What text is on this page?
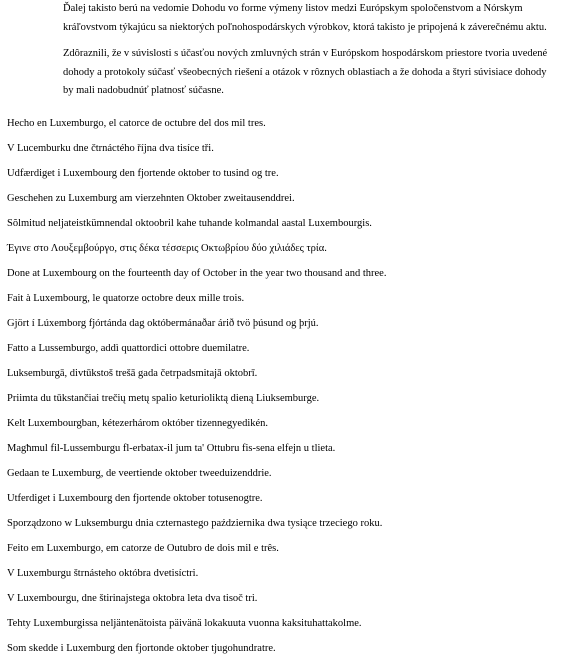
Ďalej takisto berú na vedomie Dohodu vo forme výmeny listov medzi Európskym spoločenstvom a Nórskym kráľovstvom týkajúcu sa niektorých poľnohospodárskych výrobkov, ktorá takisto je pripojená k záverečnému aktu.

Zdôraznili, že v súvislosti s účasťou nových zmluvných strán v Európskom hospodárskom priestore tvoria uvedené dohody a protokoly súčasť všeobecných riešení a otázok v rôznych oblastiach a že dohoda a štyri súvisiace dohody by mali nadobudnúť platnosť súčasne.

Hecho en Luxemburgo, el catorce de octubre del dos mil tres.
V Lucemburku dne čtrnáctého října dva tisíce tři.
Udfærdiget i Luxembourg den fjortende oktober to tusind og tre.
Geschehen zu Luxemburg am vierzehnten Oktober zweitausenddrei.
Sõlmitud neljateistkümnendal oktoobril kahe tuhande kolmandal aastal Luxembourgis.
Έγινε στο Λουξεμβούργο, στις δέκα τέσσερις Οκτωβρίου δύο χιλιάδες τρία.
Done at Luxembourg on the fourteenth day of October in the year two thousand and three.
Fait à Luxembourg, le quatorze octobre deux mille trois.
Gjört í Lúxemborg fjórtánda dag októbermánaðar árið tvö þúsund og þrjú.
Fatto a Lussemburgo, addì quattordici ottobre duemilatre.
Luksemburgā, divtūkstoš trešā gada četrpadsmitajā oktobrī.
Priimta du tūkstančiai trečių metų spalio keturioliktą dieną Liuksemburge.
Kelt Luxembourgban, kétezerhárom október tizennegyedikén.
Magħmul fil-Lussemburgu fl-erbatax-il jum ta' Ottubru fis-sena elfejn u tlieta.
Gedaan te Luxemburg, de veertiende oktober tweeduizenddrie.
Utferdiget i Luxembourg den fjortende oktober totusenogtre.
Sporządzono w Luksemburgu dnia czternastego października dwa tysiące trzeciego roku.
Feito em Luxemburgo, em catorze de Outubro de dois mil e três.
V Luxemburgu štrnásteho októbra dvetisíctri.
V Luxembourgu, dne štirinajstega oktobra leta dva tisoč tri.
Tehty Luxemburgissa neljäntenätoista päivänä lokakuuta vuonna kaksituhattakolme.
Som skedde i Luxemburg den fjortonde oktober tjugohundratre.
